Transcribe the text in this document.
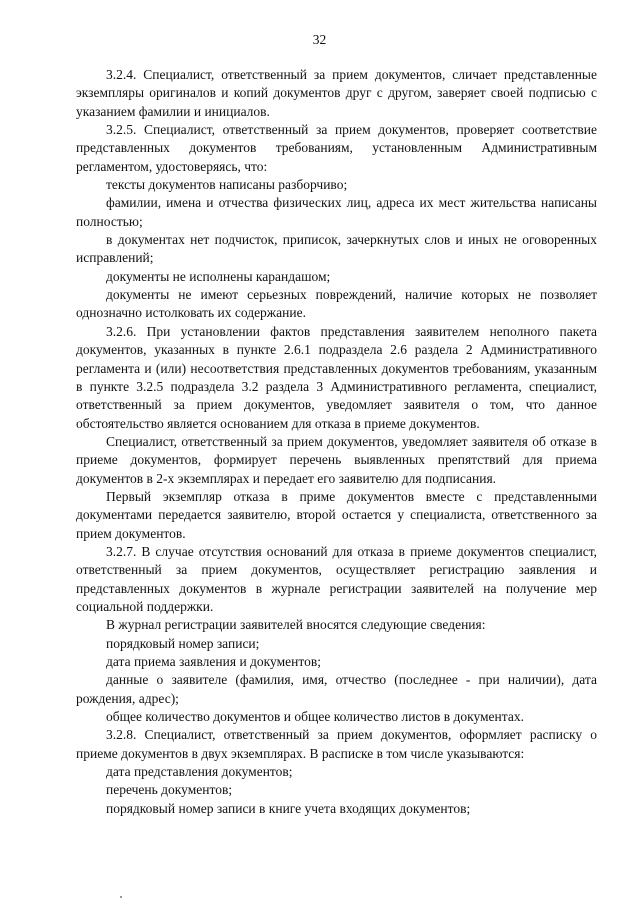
32

3.2.4. Специалист, ответственный за прием документов, сличает представленные экземпляры оригиналов и копий документов друг с другом, заверяет своей подписью с указанием фамилии и инициалов.

3.2.5. Специалист, ответственный за прием документов, проверяет соответствие представленных документов требованиям, установленным Административным регламентом, удостоверяясь, что:

тексты документов написаны разборчиво;

фамилии, имена и отчества физических лиц, адреса их мест жительства написаны полностью;

в документах нет подчисток, приписок, зачеркнутых слов и иных не оговоренных исправлений;

документы не исполнены карандашом;

документы не имеют серьезных повреждений, наличие которых не позволяет однозначно истолковать их содержание.

3.2.6. При установлении фактов представления заявителем неполного пакета документов, указанных в пункте 2.6.1 подраздела 2.6 раздела 2 Административного регламента и (или) несоответствия представленных документов требованиям, указанным в пункте 3.2.5 подраздела 3.2 раздела 3 Административного регламента, специалист, ответственный за прием документов, уведомляет заявителя о том, что данное обстоятельство является основанием для отказа в приеме документов.

Специалист, ответственный за прием документов, уведомляет заявителя об отказе в приеме документов, формирует перечень выявленных препятствий для приема документов в 2-х экземплярах и передает его заявителю для подписания.

Первый экземпляр отказа в приме документов вместе с представленными документами передается заявителю, второй остается у специалиста, ответственного за прием документов.

3.2.7. В случае отсутствия оснований для отказа в приеме документов специалист, ответственный за прием документов, осуществляет регистрацию заявления и представленных документов в журнале регистрации заявителей на получение мер социальной поддержки.

В журнал регистрации заявителей вносятся следующие сведения:

порядковый номер записи;

дата приема заявления и документов;

данные о заявителе (фамилия, имя, отчество (последнее - при наличии), дата рождения, адрес);

общее количество документов и общее количество листов в документах.

3.2.8. Специалист, ответственный за прием документов, оформляет расписку о приеме документов в двух экземплярах. В расписке в том числе указываются:

дата представления документов;

перечень документов;

порядковый номер записи в книге учета входящих документов;
